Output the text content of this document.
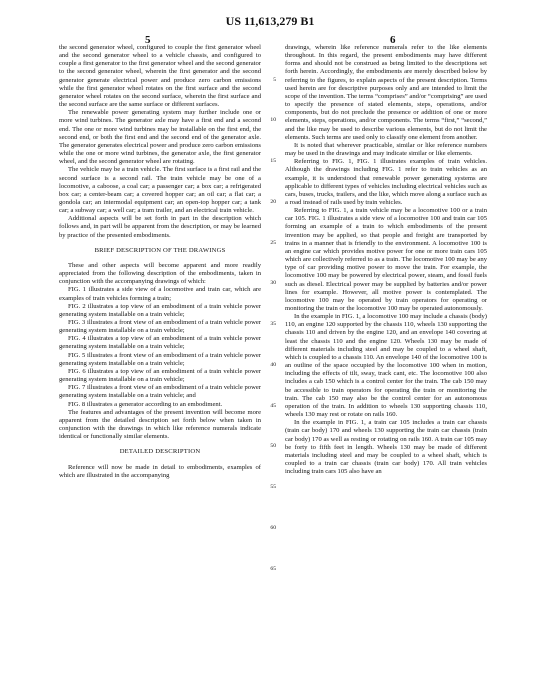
US 11,613,279 B1
5	6

the second generator wheel, configured to couple the first generator wheel and the second generator wheel to a vehicle chassis, and configured to couple a first generator to the first generator wheel and the second generator to the second generator wheel, wherein the first generator and the second generator generate electrical power and produce zero carbon emissions while the first generator wheel rotates on the first surface and the second generator wheel rotates on the second surface, wherein the first surface and the second surface are the same surface or different surfaces.

The renewable power generating system may further include one or more wind turbines. The generator axle may have a first end and a second end. The one or more wind turbines may be installable on the first end, the second end, or both the first end and the second end of the generator axle. The generator generates electrical power and produce zero carbon emissions while the one or more wind turbines, the generator axle, the first generator wheel, and the second generator wheel are rotating.

The vehicle may be a train vehicle. The first surface is a first rail and the second surface is a second rail. The train vehicle may be one of a locomotive, a caboose, a coal car; a passenger car; a box car; a refrigerated box car; a center-beam car; a covered hopper car; an oil car; a flat car; a gondola car; an intermodal equipment car; an open-top hopper car; a tank car; a subway car; a well car; a tram trailer, and an electrical train vehicle.

Additional aspects will be set forth in part in the description which follows and, in part will be apparent from the description, or may be learned by practice of the presented embodiments.

BRIEF DESCRIPTION OF THE DRAWINGS

These and other aspects will become apparent and more readily appreciated from the following description of the embodiments, taken in conjunction with the accompanying drawings of which:

FIG. 1 illustrates a side view of a locomotive and train car, which are examples of train vehicles forming a train;

FIG. 2 illustrates a top view of an embodiment of a train vehicle power generating system installable on a train vehicle;

FIG. 3 illustrates a front view of an embodiment of a train vehicle power generating system installable on a train vehicle;

FIG. 4 illustrates a top view of an embodiment of a train vehicle power generating system installable on a train vehicle;

FIG. 5 illustrates a front view of an embodiment of a train vehicle power generating system installable on a train vehicle;

FIG. 6 illustrates a top view of an embodiment of a train vehicle power generating system installable on a train vehicle;

FIG. 7 illustrates a front view of an embodiment of a train vehicle power generating system installable on a train vehicle; and

FIG. 8 illustrates a generator according to an embodiment.

The features and advantages of the present invention will become more apparent from the detailed description set forth below when taken in conjunction with the drawings in which like reference numerals indicate identical or functionally similar elements.

DETAILED DESCRIPTION

Reference will now be made in detail to embodiments, examples of which are illustrated in the accompanying

5
10
15
20
25
30
35
40
45
50
55
60
65

drawings, wherein like reference numerals refer to the like elements throughout. In this regard, the present embodiments may have different forms and should not be construed as being limited to the descriptions set forth herein. Accordingly, the embodiments are merely described below by referring to the figures, to explain aspects of the present description. Terms used herein are for descriptive purposes only and are intended to limit the scope of the invention. The terms “comprises” and/or “comprising” are used to specify the presence of stated elements, steps, operations, and/or components, but do not preclude the presence or addition of one or more elements, steps, operations, and/or components. The terms “first,” “second,” and the like may be used to describe various elements, but do not limit the elements. Such terms are used only to classify one element from another.

It is noted that wherever practicable, similar or like reference numbers may be used in the drawings and may indicate similar or like elements.

Referring to FIG. 1, FIG. 1 illustrates examples of train vehicles. Although the drawings including FIG. 1 refer to train vehicles as an example, it is understood that renewable power generating systems are applicable to different types of vehicles including electrical vehicles such as cars, buses, trucks, trailers, and the like, which move along a surface such as a road instead of rails used by train vehicles.

Referring to FIG. 1, a train vehicle may be a locomotive 100 or a train car 105. FIG. 1 illustrates a side view of a locomotive 100 and train car 105 forming an example of a train to which embodiments of the present invention may be applied, so that people and freight are transported by trains in a manner that is friendly to the environment. A locomotive 100 is an engine car which provides motive power for one or more train cars 105 which are collectively referred to as a train. The locomotive 100 may be any type of car providing motive power to move the train. For example, the locomotive 100 may be powered by electrical power, steam, and fossil fuels such as diesel. Electrical power may be supplied by batteries and/or power lines for example. However, all motive power is contemplated. The locomotive 100 may be operated by train operators for operating or monitoring the train or the locomotive 100 may be operated autonomously.

In the example in FIG. 1, a locomotive 100 may include a chassis (body) 110, an engine 120 supported by the chassis 110, wheels 130 supporting the chassis 110 and driven by the engine 120, and an envelope 140 covering at least the chassis 110 and the engine 120. Wheels 130 may be made of different materials including steel and may be coupled to a wheel shaft, which is coupled to a chassis 110. An envelope 140 of the locomotive 100 is an outline of the space occupied by the locomotive 100 when in motion, including the effects of tilt, sway, track cant, etc. The locomotive 100 also includes a cab 150 which is a control center for the train. The cab 150 may be accessible to train operators for operating the train or monitoring the train. The cab 150 may also be the control center for an autonomous operation of the train. In addition to wheels 130 supporting chassis 110, wheels 130 may rest or rotate on rails 160.

In the example in FIG. 1, a train car 105 includes a train car chassis (train car body) 170 and wheels 130 supporting the train car chassis (train car body) 170 as well as resting or rotating on rails 160. A train car 105 may be forty to fifth feet in length. Wheels 130 may be made of different materials including steel and may be coupled to a wheel shaft, which is coupled to a train car chassis (train car body) 170. All train vehicles including train cars 105 also have an
